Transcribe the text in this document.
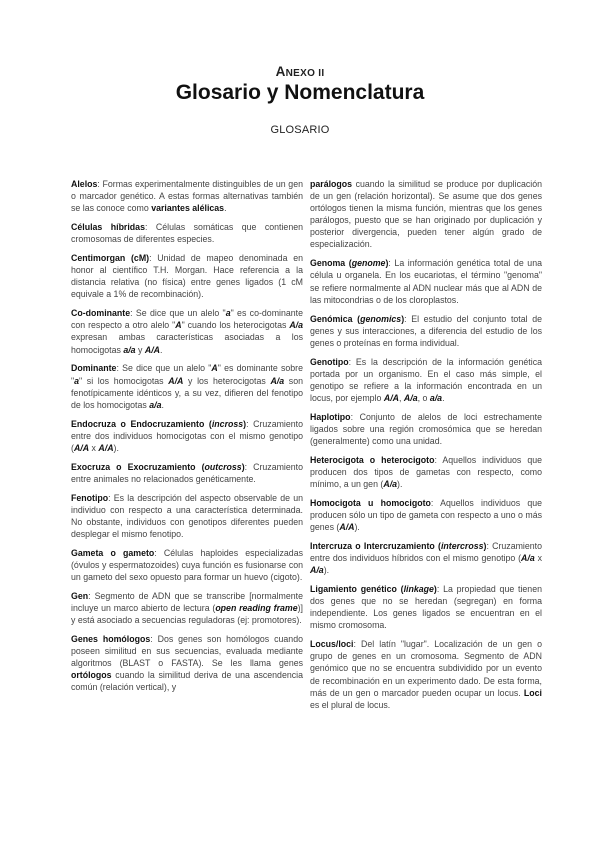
ANEXO II
Glosario y Nomenclatura
GLOSARIO

Alelos: Formas experimentalmente distinguibles de un gen o marcador genético. A estas formas alternativas también se las conoce como variantes alélicas.

Células híbridas: Células somáticas que contienen cromosomas de diferentes especies.

Centimorgan (cM): Unidad de mapeo denominada en honor al científico T.H. Morgan. Hace referencia a la distancia relativa (no física) entre genes ligados (1 cM equivale a 1% de recombinación).

Co-dominante: Se dice que un alelo "a" es co-dominante con respecto a otro alelo "A" cuando los heterocigotas A/a expresan ambas características asociadas a los homocigotas a/a y A/A.

Dominante: Se dice que un alelo "A" es dominante sobre "a" si los homocigotas A/A y los heterocigotas A/a son fenotípicamente idénticos y, a su vez, difieren del fenotipo de los homocigotas a/a.

Endocruza o Endocruzamiento (incross): Cruzamiento entre dos individuos homocigotas con el mismo genotipo (A/A x A/A).

Exocruza o Exocruzamiento (outcross): Cruzamiento entre animales no relacionados genéticamente.

Fenotipo: Es la descripción del aspecto observable de un individuo con respecto a una característica determinada. No obstante, individuos con genotipos diferentes pueden desplegar el mismo fenotipo.

Gameta o gameto: Células haploides especializadas (óvulos y espermatozoides) cuya función es fusionarse con un gameto del sexo opuesto para formar un huevo (cigoto).

Gen: Segmento de ADN que se transcribe [normalmente incluye un marco abierto de lectura (open reading frame)] y está asociado a secuencias reguladoras (ej: promotores).

Genes homólogos: Dos genes son homólogos cuando poseen similitud en sus secuencias, evaluada mediante algoritmos (BLAST o FASTA). Se les llama genes ortólogos cuando la similitud deriva de una ascendencia común (relación vertical), y

parálogos cuando la similitud se produce por duplicación de un gen (relación horizontal). Se asume que dos genes ortólogos tienen la misma función, mientras que los genes parálogos, puesto que se han originado por duplicación y posterior divergencia, pueden tener algún grado de especialización.

Genoma (genome): La información genética total de una célula u organela. En los eucariotas, el término "genoma" se refiere normalmente al ADN nuclear más que al ADN de las mitocondrias o de los cloroplastos.

Genómica (genomics): El estudio del conjunto total de genes y sus interacciones, a diferencia del estudio de los genes o proteínas en forma individual.

Genotipo: Es la descripción de la información genética portada por un organismo. En el caso más simple, el genotipo se refiere a la información encontrada en un locus, por ejemplo A/A, A/a, o a/a.

Haplotipo: Conjunto de alelos de loci estrechamente ligados sobre una región cromosómica que se heredan (generalmente) como una unidad.

Heterocigota o heterocigoto: Aquellos individuos que producen dos tipos de gametas con respecto, como mínimo, a un gen (A/a).

Homocigota u homocigoto: Aquellos individuos que producen sólo un tipo de gameta con respecto a uno o más genes (A/A).

Intercruza o Intercruzamiento (intercross): Cruzamiento entre dos individuos híbridos con el mismo genotipo (A/a x A/a).

Ligamiento genético (linkage): La propiedad que tienen dos genes que no se heredan (segregan) en forma independiente. Los genes ligados se encuentran en el mismo cromosoma.

Locus/loci: Del latín "lugar". Localización de un gen o grupo de genes en un cromosoma. Segmento de ADN genómico que no se encuentra subdividido por un evento de recombinación en un experimento dado. De esta forma, más de un gen o marcador pueden ocupar un locus. Loci es el plural de locus.
